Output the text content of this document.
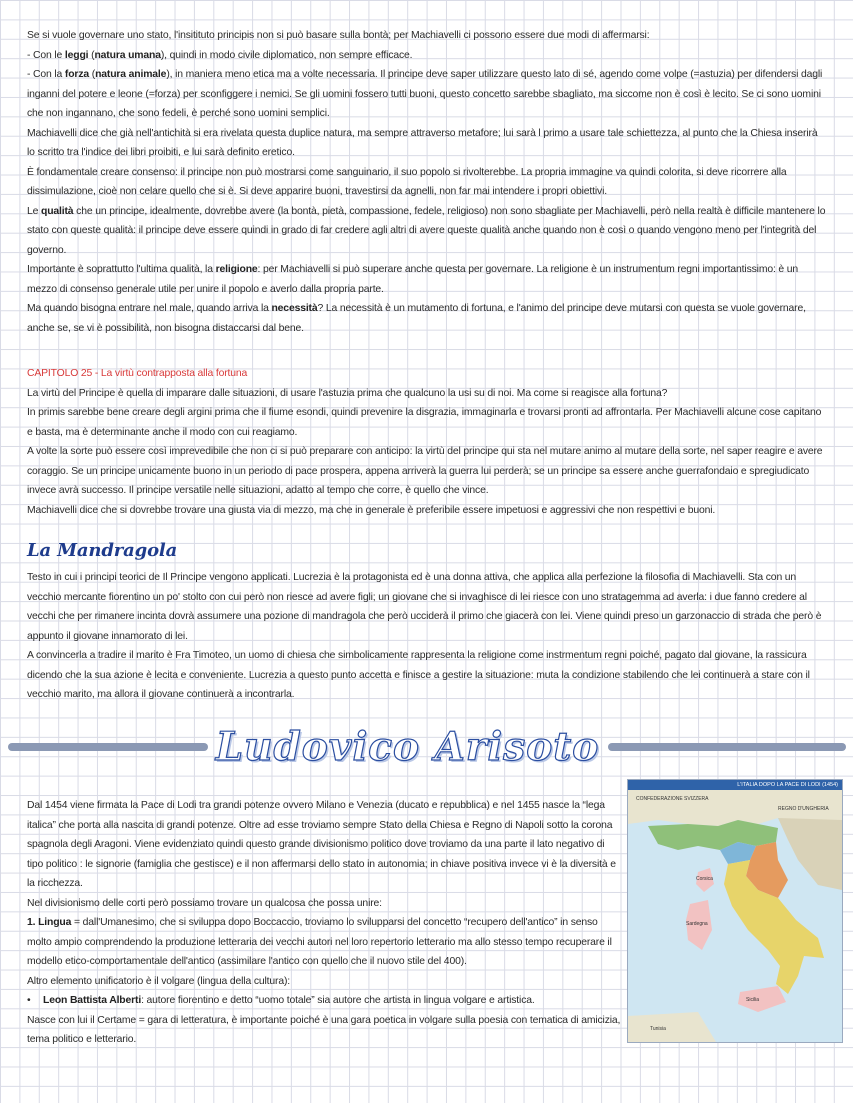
Se si vuole governare uno stato, l'insitituto principis non si può basare sulla bontà; per Machiavelli ci possono essere due modi di affermarsi:

- Con le leggi (natura umana), quindi in modo civile diplomatico, non sempre efficace.

- Con la forza (natura animale), in maniera meno etica ma a volte necessaria. Il principe deve saper utilizzare questo lato di sé, agendo come volpe (=astuzia) per difendersi dagli inganni del potere e leone (=forza) per sconfiggere i nemici. Se gli uomini fossero tutti buoni, questo concetto sarebbe sbagliato, ma siccome non è così è lecito. Se ci sono uomini che non ingannano, che sono fedeli, è perché sono uomini semplici.

Machiavelli dice che già nell'antichità si era rivelata questa duplice natura, ma sempre attraverso metafore; lui sarà l primo a usare tale schiettezza, al punto che la Chiesa inserirà lo scritto tra l'indice dei libri proibiti, e lui sarà definito eretico.

È fondamentale creare consenso: il principe non può mostrarsi come sanguinario, il suo popolo si rivolterebbe. La propria immagine va quindi colorita, si deve ricorrere alla dissimulazione, cioè non celare quello che si è. Si deve apparire buoni, travestirsi da agnelli, non far mai intendere i propri obiettivi.

Le qualità che un principe, idealmente, dovrebbe avere (la bontà, pietà, compassione, fedele, religioso) non sono sbagliate per Machiavelli, però nella realtà è difficile mantenere lo stato con queste qualità: il principe deve essere quindi in grado di far credere agli altri di avere queste qualità anche quando non è così o quando vengono meno per l'integrità del governo.

Importante è soprattutto l'ultima qualità, la religione: per Machiavelli si può superare anche questa per governare. La religione è un instrumentum regni importantissimo: è un mezzo di consenso generale utile per unire il popolo e averlo dalla propria parte.

Ma quando bisogna entrare nel male, quando arriva la necessità? La necessità è un mutamento di fortuna, e l'animo del principe deve mutarsi con questa se vuole governare, anche se, se vi è possibilità, non bisogna distaccarsi dal bene.

CAPITOLO 25 - La virtù contrapposta alla fortuna

La virtù del Principe è quella di imparare dalle situazioni, di usare l'astuzia prima che qualcuno la usi su di noi. Ma come si reagisce alla fortuna?

In primis sarebbe bene creare degli argini prima che il fiume esondi, quindi prevenire la disgrazia, immaginarla e trovarsi pronti ad affrontarla. Per Machiavelli alcune cose capitano e basta, ma è determinante anche il modo con cui reagiamo.

A volte la sorte può essere così imprevedibile che non ci si può preparare con anticipo: la virtù del principe qui sta nel mutare animo al mutare della sorte, nel saper reagire e avere coraggio. Se un principe unicamente buono in un periodo di pace prospera, appena arriverà la guerra lui perderà; se un principe sa essere anche guerrafondaio e spregiudicato invece avrà successo. Il principe versatile nelle situazioni, adatto al tempo che corre, è quello che vince.

Machiavelli dice che si dovrebbe trovare una giusta via di mezzo, ma che in generale è preferibile essere impetuosi e aggressivi che non respettivi e buoni.

La Mandragola

Testo in cui i principi teorici de Il Principe vengono applicati. Lucrezia è la protagonista ed è una donna attiva, che applica alla perfezione la filosofia di Machiavelli. Sta con un vecchio mercante fiorentino un po' stolto con cui però non riesce ad avere figli; un giovane che si invaghisce di lei riesce con uno stratagemma ad averla: i due fanno credere al vecchi che per rimanere incinta dovrà assumere una pozione di mandragola che però ucciderà il primo che giacerà con lei. Viene quindi preso un garzonaccio di strada che però è appunto il giovane innamorato di lei.

A convincerla a tradire il marito è Fra Timoteo, un uomo di chiesa che simbolicamente rappresenta la religione come instrmentum regni poiché, pagato dal giovane, la rassicura dicendo che la sua azione è lecita e conveniente. Lucrezia a questo punto accetta e finisce a gestire la situazione: muta la condizione stabilendo che lei continuerà a stare con il vecchio marito, ma allora il giovane continuerà a incontrarla.

Ludovico Arisoto

Dal 1454 viene firmata la Pace di Lodi tra grandi potenze ovvero Milano e Venezia (ducato e repubblica) e nel 1455 nasce la “lega italica” che porta alla nascita di grandi potenze. Oltre ad esse troviamo sempre Stato della Chiesa e Regno di Napoli sotto la corona spagnola degli Aragoni. Viene evidenziato quindi questo grande divisionismo politico dove troviamo da una parte il lato negativo di tipo politico : le signorie (famiglia che gestisce) e il non affermarsi dello stato in autonomia; in chiave positiva invece vi è la diversità e la ricchezza.

Nel divisionismo delle corti però possiamo trovare un qualcosa che possa unire:

1. Lingua = dall'Umanesimo, che si sviluppa dopo Boccaccio, troviamo lo svilupparsi del concetto “recupero dell'antico” in senso molto ampio comprendendo la produzione letteraria dei vecchi autori nel loro repertorio letterario ma allo stesso tempo recuperare il modello etico-comportamentale dell'antico (assimilare l'antico con quello che il nuovo stile del 400).

Altro elemento unificatorio è il volgare (lingua della cultura):

• Leon Battista Alberti: autore fiorentino e detto “uomo totale” sia autore che artista in lingua volgare e artistica.

Nasce con lui il Certame = gara di letteratura, è importante poiché è una gara poetica in volgare sulla poesia con tematica di amicizia, tema politico e letterario.

CONFEDERAZIONE SVIZZERA
REGNO D'UNGHERIA
Corsica
Sardegna
Sicilia
Tunisia
L'ITALIA DOPO LA PACE DI LODI (1454)
